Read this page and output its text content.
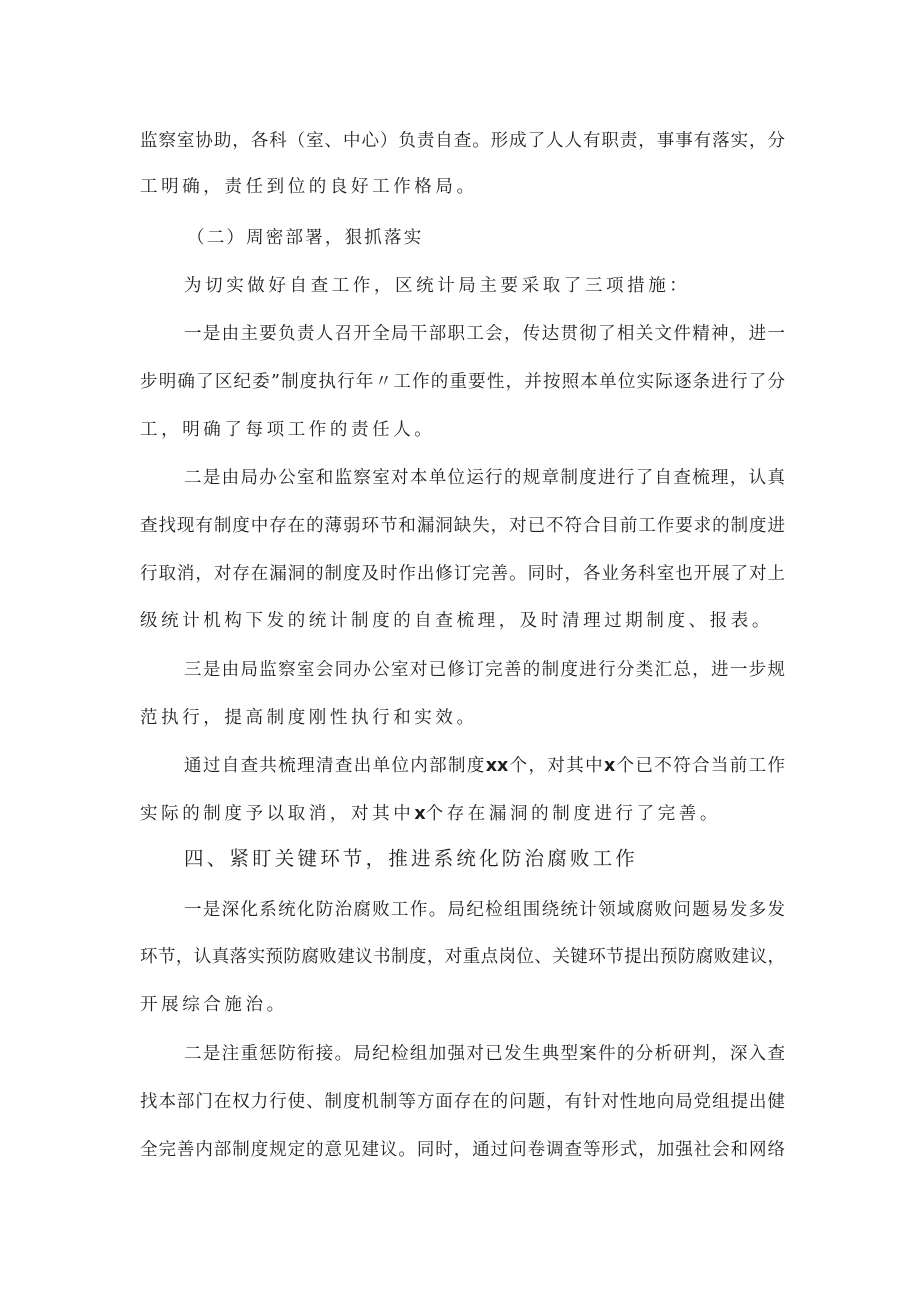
监察室协助，各科（室、中心）负责自查。形成了人人有职责，事事有落实，分
工明确，责任到位的良好工作格局。
（二）周密部署，狠抓落实
为切实做好自查工作，区统计局主要采取了三项措施：
一是由主要负责人召开全局干部职工会，传达贯彻了相关文件精神，进一
步明确了区纪委”制度执行年〃工作的重要性，并按照本单位实际逐条进行了分
工，明确了每项工作的责任人。
二是由局办公室和监察室对本单位运行的规章制度进行了自查梳理，认真
查找现有制度中存在的薄弱环节和漏洞缺失，对已不符合目前工作要求的制度进
行取消，对存在漏洞的制度及时作出修订完善。同时，各业务科室也开展了对上
级统计机构下发的统计制度的自查梳理，及时清理过期制度、报表。
三是由局监察室会同办公室对已修订完善的制度进行分类汇总，进一步规
范执行，提高制度刚性执行和实效。
通过自查共梳理清查出单位内部制度xx个，对其中x个已不符合当前工作
实际的制度予以取消，对其中x个存在漏洞的制度进行了完善。
四、紧盯关键环节，推进系统化防治腐败工作
一是深化系统化防治腐败工作。局纪检组围绕统计领域腐败问题易发多发
环节，认真落实预防腐败建议书制度，对重点岗位、关键环节提出预防腐败建议，
开展综合施治。
二是注重惩防衔接。局纪检组加强对已发生典型案件的分析研判，深入查
找本部门在权力行使、制度机制等方面存在的问题，有针对性地向局党组提出健
全完善内部制度规定的意见建议。同时，通过问卷调查等形式，加强社会和网络
